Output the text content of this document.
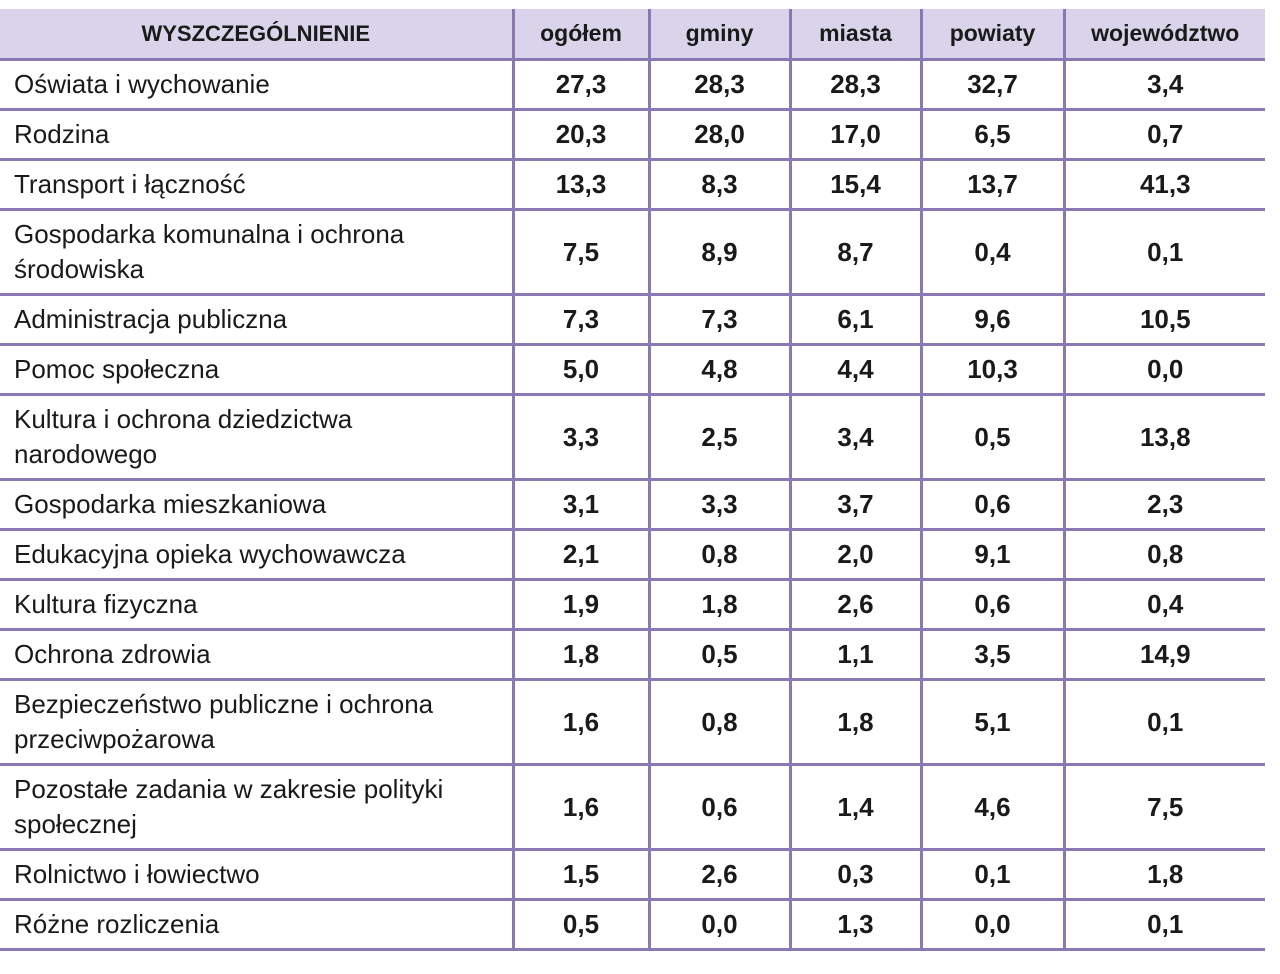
WYSZCZEGÓLNIENIE	ogółem	gminy	miasta	powiaty	województwo
Oświata i wychowanie	27,3	28,3	28,3	32,7	3,4
Rodzina	20,3	28,0	17,0	6,5	0,7
Transport i łączność	13,3	8,3	15,4	13,7	41,3
Gospodarka komunalna i ochrona środowiska	7,5	8,9	8,7	0,4	0,1
Administracja publiczna	7,3	7,3	6,1	9,6	10,5
Pomoc społeczna	5,0	4,8	4,4	10,3	0,0
Kultura i ochrona dziedzictwa narodowego	3,3	2,5	3,4	0,5	13,8
Gospodarka mieszkaniowa	3,1	3,3	3,7	0,6	2,3
Edukacyjna opieka wychowawcza	2,1	0,8	2,0	9,1	0,8
Kultura fizyczna	1,9	1,8	2,6	0,6	0,4
Ochrona zdrowia	1,8	0,5	1,1	3,5	14,9
Bezpieczeństwo publiczne i ochrona przeciwpożarowa	1,6	0,8	1,8	5,1	0,1
Pozostałe zadania w zakresie polityki społecznej	1,6	0,6	1,4	4,6	7,5
Rolnictwo i łowiectwo	1,5	2,6	0,3	0,1	1,8
Różne rozliczenia	0,5	0,0	1,3	0,0	0,1
